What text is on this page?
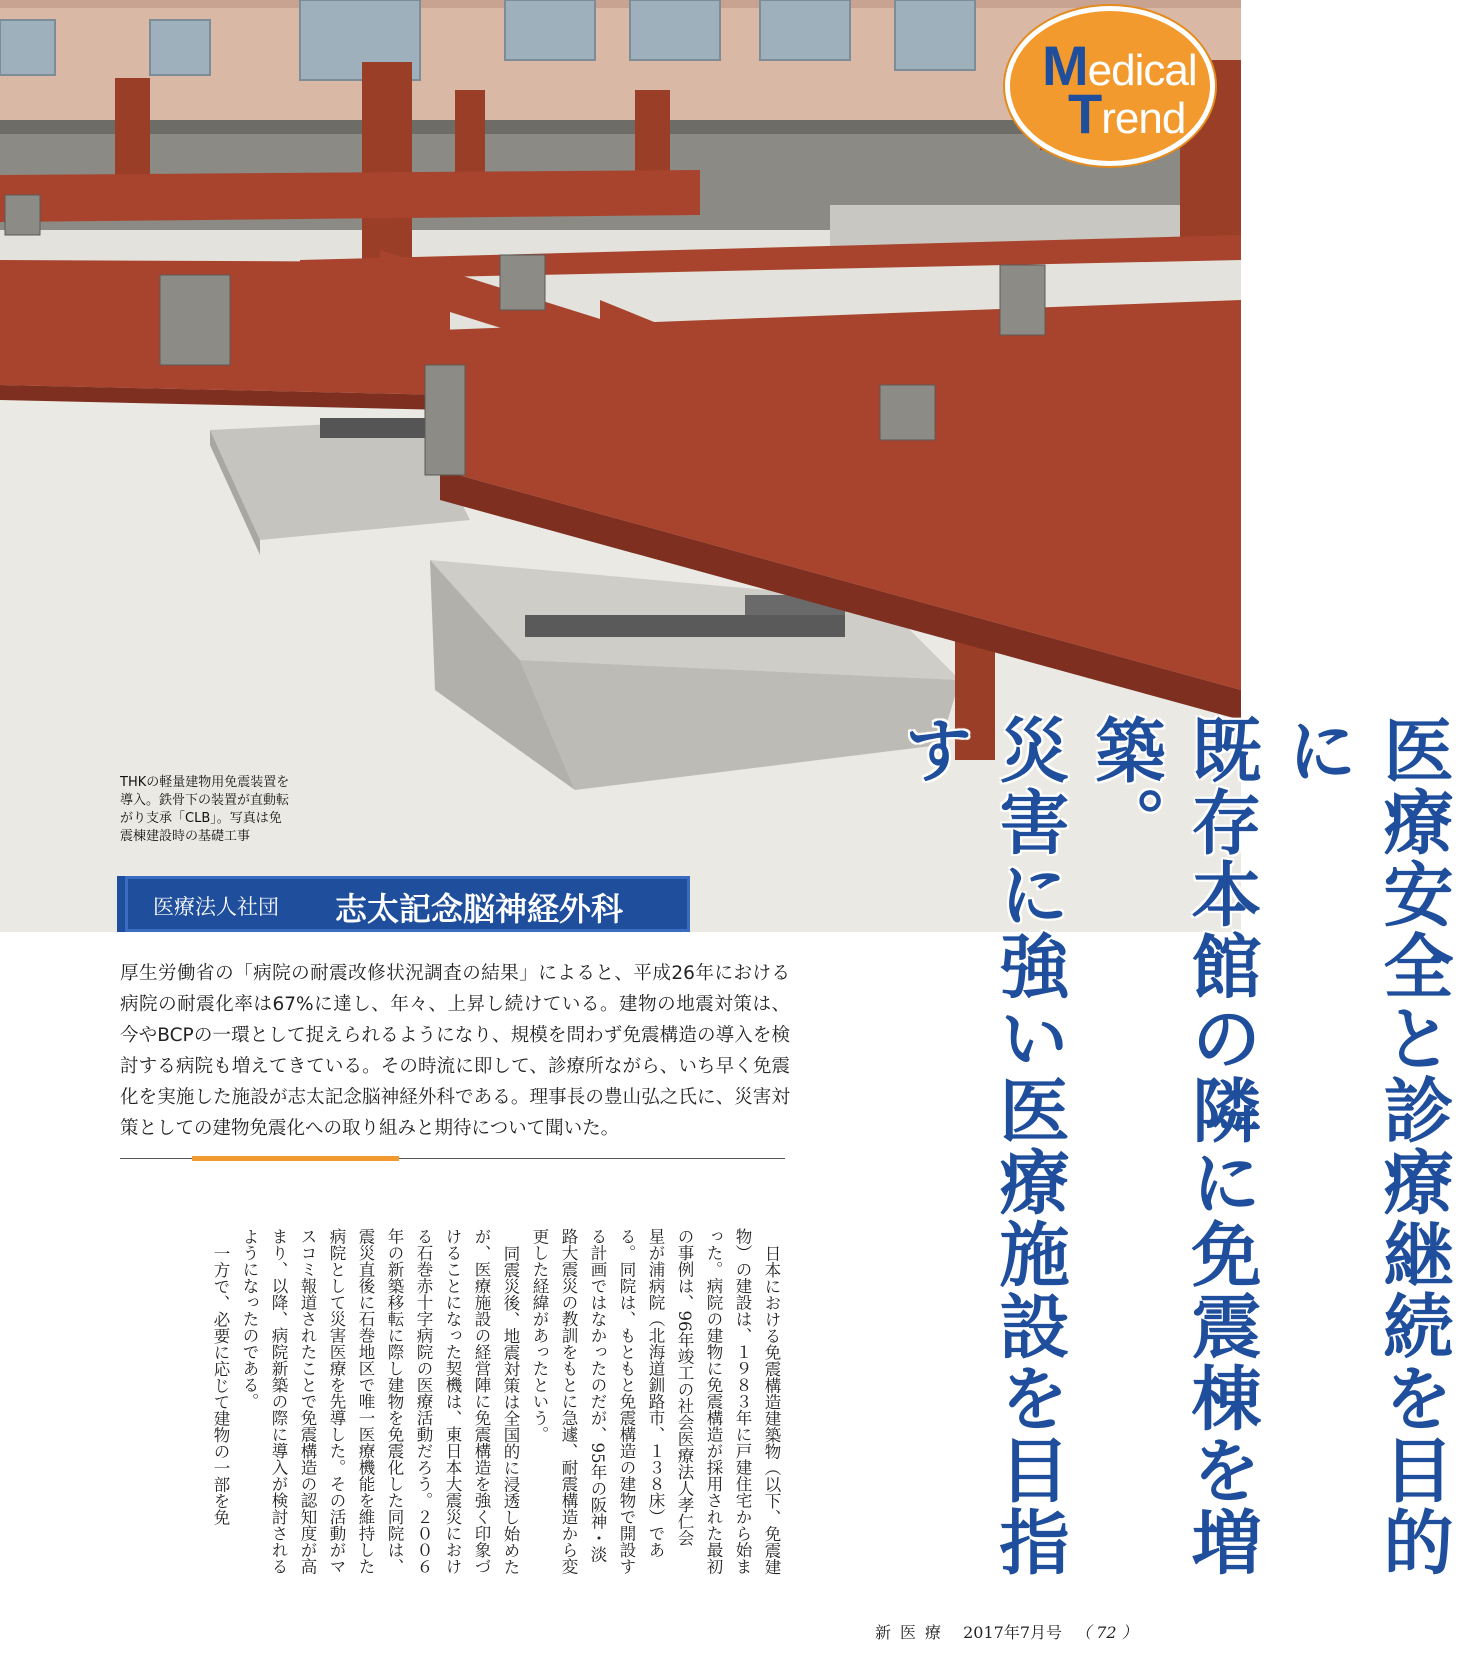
Medical
Trend
THKの軽量建物用免震装置を
導入。鉄骨下の装置が直動転
がり支承「CLB」。写真は免
震棟建設時の基礎工事
医療法人社団 志太記念脳神経外科	医療安全と診療継続を目的に
既存本館の隣に免震棟を増築。
災害に強い医療施設を目指す
厚生労働省の「病院の耐震改修状況調査の結果」によると、平成26年における病院の耐震化率は67%に達し、年々、上昇し続けている。建物の地震対策は、今やBCPの一環として捉えられるようになり、規模を問わず免震構造の導入を検討する病院も増えてきている。その時流に即して、診療所ながら、いち早く免震化を実施した施設が志太記念脳神経外科である。理事長の豊山弘之氏に、災害対策としての建物免震化への取り組みと期待について聞いた。

日本における免震構造建築物（以下、免震建物）の建設は、１９８３年に戸建住宅から始まった。病院の建物に免震構造が採用された最初の事例は、96年竣工の社会医療法人孝仁会　星が浦病院（北海道釧路市、１３８床）である。同院は、もともと免震構造の建物で開設する計画ではなかったのだが、95年の阪神・淡路大震災の教訓をもとに急遽、耐震構造から変更した経緯があったという。

同震災後、地震対策は全国的に浸透し始めたが、医療施設の経営陣に免震構造を強く印象づけることになった契機は、東日本大震災における石巻赤十字病院の医療活動だろう。２００６年の新築移転に際し建物を免震化した同院は、震災直後に石巻地区で唯一医療機能を維持した病院として災害医療を先導した。その活動がマスコミ報道されたことで免震構造の認知度が高まり、以降、病院新築の際に導入が検討されるようになったのである。

一方で、必要に応じて建物の一部を免

新医療 2017年7月号 （ 72 ）
